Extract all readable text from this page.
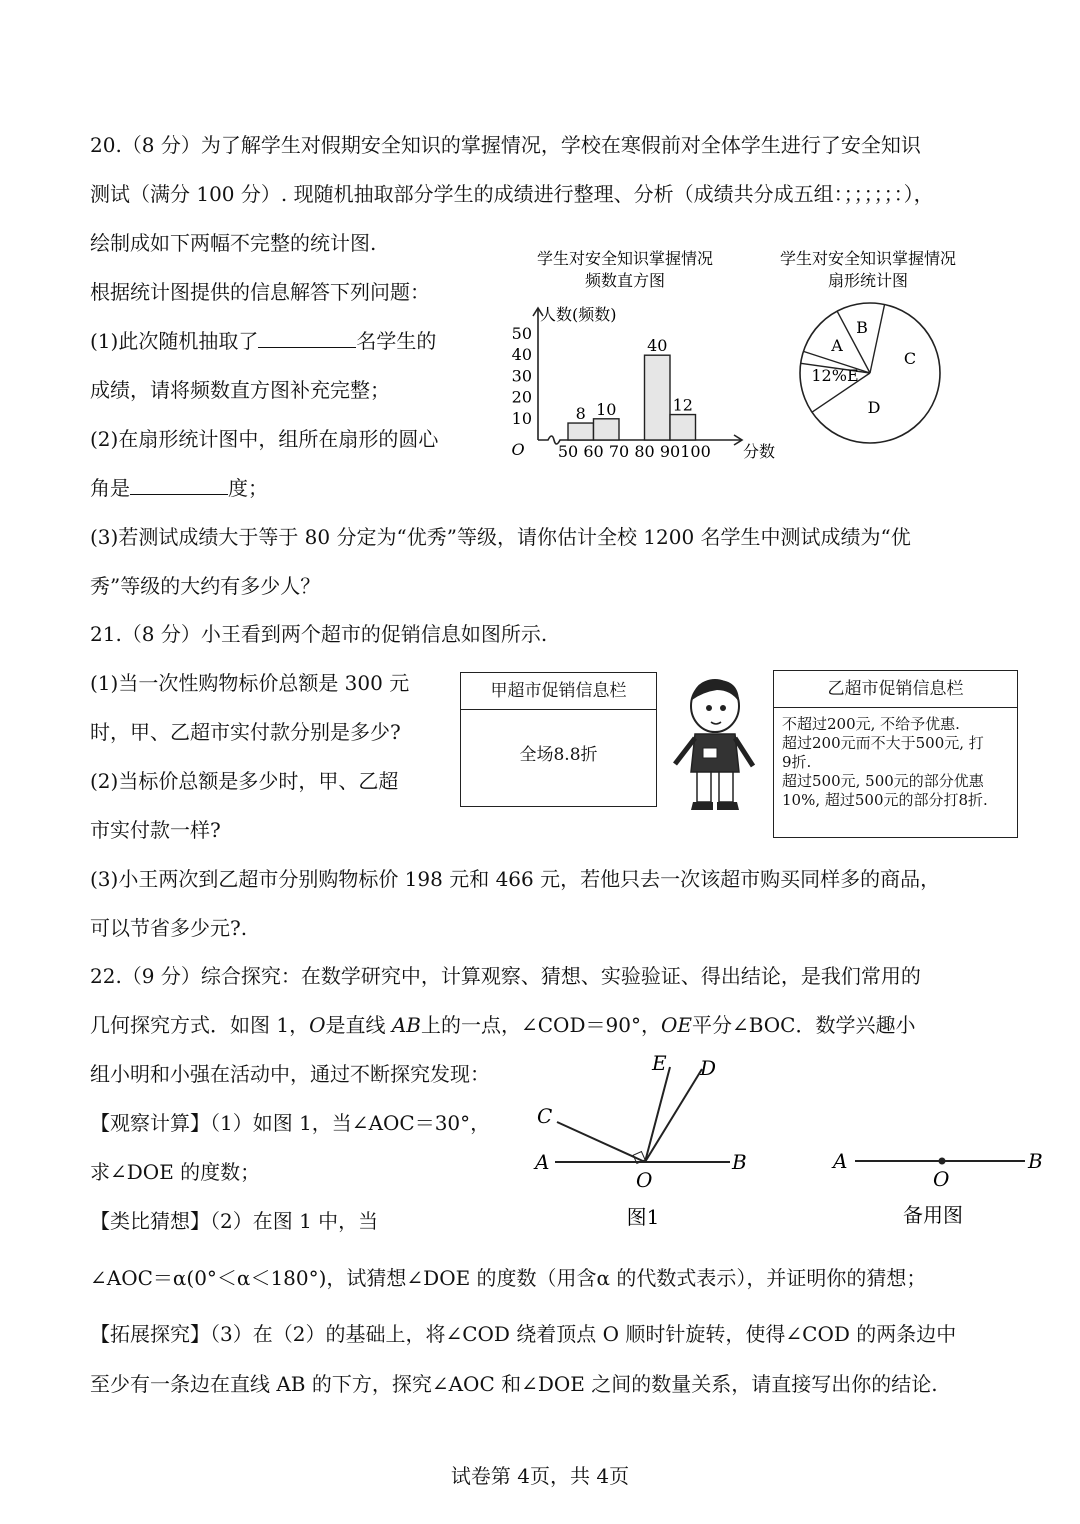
20.（8 分）为了解学生对假期安全知识的掌握情况，学校在寒假前对全体学生进行了安全知识
测试（满分 100 分）. 现随机抽取部分学生的成绩进行整理、分析（成绩共分成五组：；；；；；：），
绘制成如下两幅不完整的统计图.
根据统计图提供的信息解答下列问题：
(1)此次随机抽取了	名学生的
成绩，请将频数直方图补充完整；
(2)在扇形统计图中，组所在扇形的圆心
角是	度；
(3)若测试成绩大于等于 80 分定为“优秀”等级，请你估计全校 1200 名学生中测试成绩为“优
秀”等级的大约有多少人？
学生对安全知识掌握情况
频数直方图
人数(频数)
10
20
30
40
50
O 50 60 70 80 90 100 分数
8 10
40
12
学生对安全知识掌握情况
扇形统计图
A
B
C
D
12%E
21.（8 分）小王看到两个超市的促销信息如图所示.
(1)当一次性购物标价总额是 300 元
时，甲、乙超市实付款分别是多少?
(2)当标价总额是多少时，甲、乙超
市实付款一样?
(3)小王两次到乙超市分别购物标价 198 元和 466 元，若他只去一次该超市购买同样多的商品，
可以节省多少元?.
甲超市促销信息栏
全场8.8折
乙超市促销信息栏
不超过200元, 不给予优惠.
超过200元而不大于500元, 打
9折.
超过500元, 500元的部分优惠
10%, 超过500元的部分打8折.
22.（9 分）综合探究：在数学研究中，计算观察、猜想、实验验证、得出结论，是我们常用的
几何探究方式．如图 1，O是直线 AB上的一点，∠COD＝90°，OE平分∠BOC．数学兴趣小
组小明和小强在活动中，通过不断探究发现：
【观察计算】（1）如图 1，当∠AOC＝30°，
求∠DOE 的度数；
【类比猜想】（2）在图 1 中，当
∠AOC＝α(0°＜α＜180°)，试猜想∠DOE 的度数（用含α 的代数式表示），并证明你的猜想；
【拓展探究】（3）在（2）的基础上，将∠COD 绕着顶点 O 顺时针旋转，使得∠COD 的两条边中
至少有一条边在直线 AB 的下方，探究∠AOC 和∠DOE 之间的数量关系，请直接写出你的结论.
A	B
C
D
E
O
图1
A	B
O
备用图
试卷第 4页，共 4页
